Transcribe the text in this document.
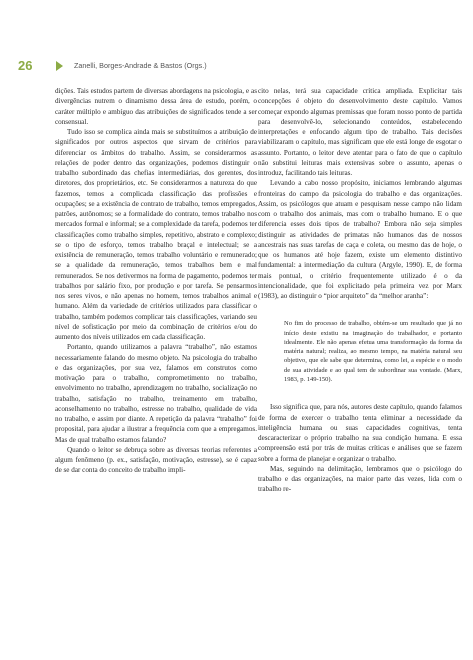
26	Zanelli, Borges-Andrade & Bastos (Orgs.)

dições. Tais estudos partem de diversas abordagens na psicologia, e as divergências nutrem o dinamismo dessa área de estudo, porém, o caráter múltiplo e ambíguo das atribuições de significados tende a ser consensual.

Tudo isso se complica ainda mais se substituímos a atribuição de significados por outros aspectos que sirvam de critérios para diferenciar os âmbitos do trabalho. Assim, se considerarmos as relações de poder dentro das organizações, podemos distinguir o trabalho subordinado das chefias intermediárias, dos gerentes, dos diretores, dos proprietários, etc. Se considerarmos a natureza do que fazemos, temos a complicada classificação das profissões e ocupações; se a existência de contrato de trabalho, temos empregados, patrões, autônomos; se a formalidade do contrato, temos trabalho nos mercados formal e informal; se a complexidade da tarefa, podemos ter classificações como trabalho simples, repetitivo, abstrato e complexo; se o tipo de esforço, temos trabalho braçal e intelectual; se a existência de remuneração, temos trabalho voluntário e remunerado; se a qualidade da remuneração, temos trabalhos bem e mal remunerados. Se nos detivermos na forma de pagamento, podemos ter trabalhos por salário fixo, por produção e por tarefa. Se pensarmos nos seres vivos, e não apenas no homem, temos trabalhos animal e humano. Além da variedade de critérios utilizados para classificar o trabalho, também podemos complicar tais classificações, variando seu nível de sofisticação por meio da combinação de critérios e/ou do aumento dos níveis utilizados em cada classificação.

Portanto, quando utilizamos a palavra “trabalho”, não estamos necessariamente falando do mesmo objeto. Na psicologia do trabalho e das organizações, por sua vez, falamos em construtos como motivação para o trabalho, comprometimento no trabalho, envolvimento no trabalho, aprendizagem no trabalho, socialização no trabalho, satisfação no trabalho, treinamento em trabalho, aconselhamento no trabalho, estresse no trabalho, qualidade de vida no trabalho, e assim por diante. A repetição da palavra “trabalho” foi proposital, para ajudar a ilustrar a frequência com que a empregamos. Mas de qual trabalho estamos falando?

Quando o leitor se debruça sobre as diversas teorias referentes a algum fenômeno (p. ex., satisfação, motivação, estresse), se é capaz de se dar conta do conceito de trabalho impli-

cito nelas, terá sua capacidade crítica ampliada. Explicitar tais concepções é objeto do desenvolvimento deste capítulo. Vamos começar expondo algumas premissas que foram nosso ponto de partida para desenvolvê-lo, selecionando conteúdos, estabelecendo interpretações e enfocando algum tipo de trabalho. Tais decisões viabilizaram o capítulo, mas significam que ele está longe de esgotar o assunto. Portanto, o leitor deve atentar para o fato de que o capítulo não substitui leituras mais extensivas sobre o assunto, apenas o introduz, facilitando tais leituras.

Levando a cabo nosso propósito, iniciamos lembrando algumas fronteiras do campo da psicologia do trabalho e das organizações. Assim, os psicólogos que atuam e pesquisam nesse campo não lidam com o trabalho dos animais, mas com o trabalho humano. E o que diferencia esses dois tipos de trabalho? Embora não seja simples distinguir as atividades de primatas não humanos das de nossos ancestrais nas suas tarefas de caça e coleta, ou mesmo das de hoje, o que os humanos até hoje fazem, existe um elemento distintivo fundamental: a intermediação da cultura (Argyle, 1990). E, de forma mais pontual, o critério frequentemente utilizado é o da intencionalidade, que foi explicitado pela primeira vez por Marx (1983), ao distinguir o “pior arquiteto” da “melhor aranha”:

No fim do processo de trabalho, obtém-se um resultado que já no início deste existiu na imaginação do trabalhador, e portanto idealmente. Ele não apenas efetua uma transformação da forma da matéria natural; realiza, ao mesmo tempo, na matéria natural seu objetivo, que ele sabe que determina, como lei, a espécie e o modo de sua atividade e ao qual tem de subordinar sua vontade. (Marx, 1983, p. 149-150).

Isso significa que, para nós, autores deste capítulo, quando falamos de forma de exercer o trabalho tenta eliminar a necessidade da inteligência humana ou suas capacidades cognitivas, tenta descaracterizar o próprio trabalho na sua condição humana. E essa compreensão está por trás de muitas críticas e análises que se fazem sobre a forma de planejar e organizar o trabalho.

Mas, seguindo na delimitação, lembramos que o psicólogo do trabalho e das organizações, na maior parte das vezes, lida com o trabalho re-
